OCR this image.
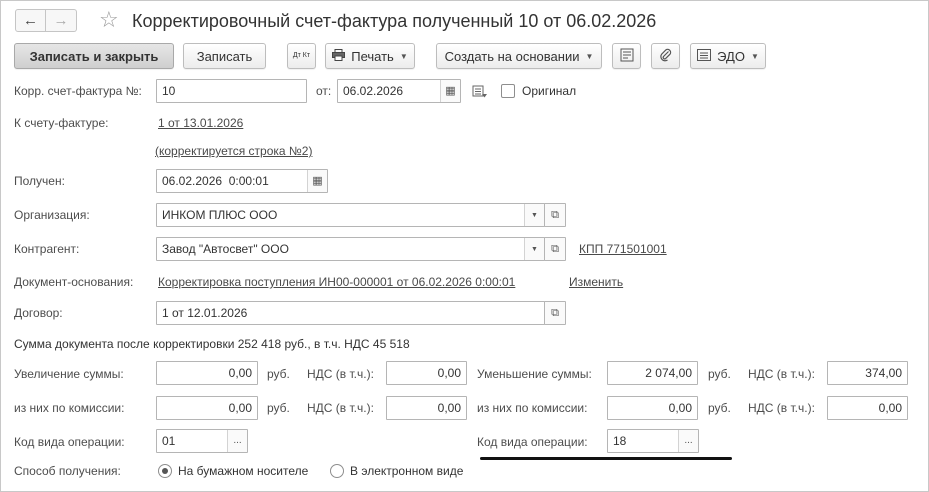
← → ☆ Корректировочный счет-фактура полученный 10 от 06.02.2026
Записать и закрыть	Записать	Дт Кт	Печать ▼	Создать на основании ▼	ЭДО ▼
Корр. счет-фактура №:	10	от: 06.02.2026	▦	Оригинал
К счету-фактуре:	1 от 13.01.2026
(корректируется строка №2)
Получен:	06.02.2026  0:00:01	▦
Организация:	ИНКОМ ПЛЮС ООО	▼	⧉
Контрагент:	Завод "Автосвет" ООО	▼	⧉ КПП 771501001
Документ-основания: Корректировка поступления ИН00-000001 от 06.02.2026 0:00:01	Изменить
Договор:	1 от 12.01.2026	⧉
Сумма документа после корректировки 252 418 руб., в т.ч. НДС 45 518
Увеличение суммы:	0,00	руб. НДС (в т.ч.):	0,00	Уменьшение суммы:	2 074,00	руб. НДС (в т.ч.):	374,00
из них по комиссии:	0,00	руб. НДС (в т.ч.):	0,00	из них по комиссии:	0,00	руб. НДС (в т.ч.):	0,00
Код вида операции:	01	...	Код вида операции:	18	...
Способ получения:	На бумажном носителе	В электронном виде
